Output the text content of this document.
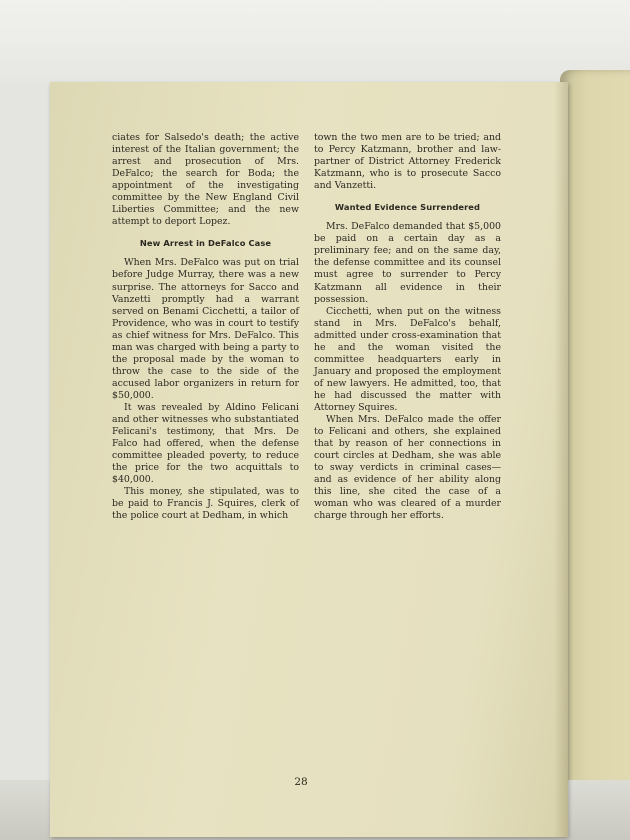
ciates for Salsedo's death; the active interest of the Italian government; the arrest and prosecution of Mrs. DeFalco; the search for Boda; the appointment of the investigating committee by the New England Civil Liberties Committee; and the new attempt to deport Lopez.

New Arrest in DeFalco Case

When Mrs. DeFalco was put on trial before Judge Murray, there was a new surprise. The attorneys for Sacco and Vanzetti promptly had a warrant served on Benami Cicchetti, a tailor of Providence, who was in court to testify as chief witness for Mrs. DeFalco. This man was charged with being a party to the proposal made by the woman to throw the case to the side of the accused labor organizers in return for $50,000.

It was revealed by Aldino Felicani and other witnesses who substantiated Felicani's testimony, that Mrs. De Falco had offered, when the defense committee pleaded poverty, to reduce the price for the two acquittals to $40,000.

This money, she stipulated, was to be paid to Francis J. Squires, clerk of the police court at Dedham, in which

town the two men are to be tried; and to Percy Katzmann, brother and law-partner of District Attorney Frederick Katzmann, who is to prosecute Sacco and Vanzetti.

Wanted Evidence Surrendered

Mrs. DeFalco demanded that $5,000 be paid on a certain day as a preliminary fee; and on the same day, the defense committee and its counsel must agree to surrender to Percy Katzmann all evidence in their possession.

Cicchetti, when put on the witness stand in Mrs. DeFalco's behalf, admitted under cross-examination that he and the woman visited the committee headquarters early in January and proposed the employment of new lawyers. He admitted, too, that he had discussed the matter with Attorney Squires.

When Mrs. DeFalco made the offer to Felicani and others, she explained that by reason of her connections in court circles at Dedham, she was able to sway verdicts in criminal cases—and as evidence of her ability along this line, she cited the case of a woman who was cleared of a murder charge through her efforts.

28
